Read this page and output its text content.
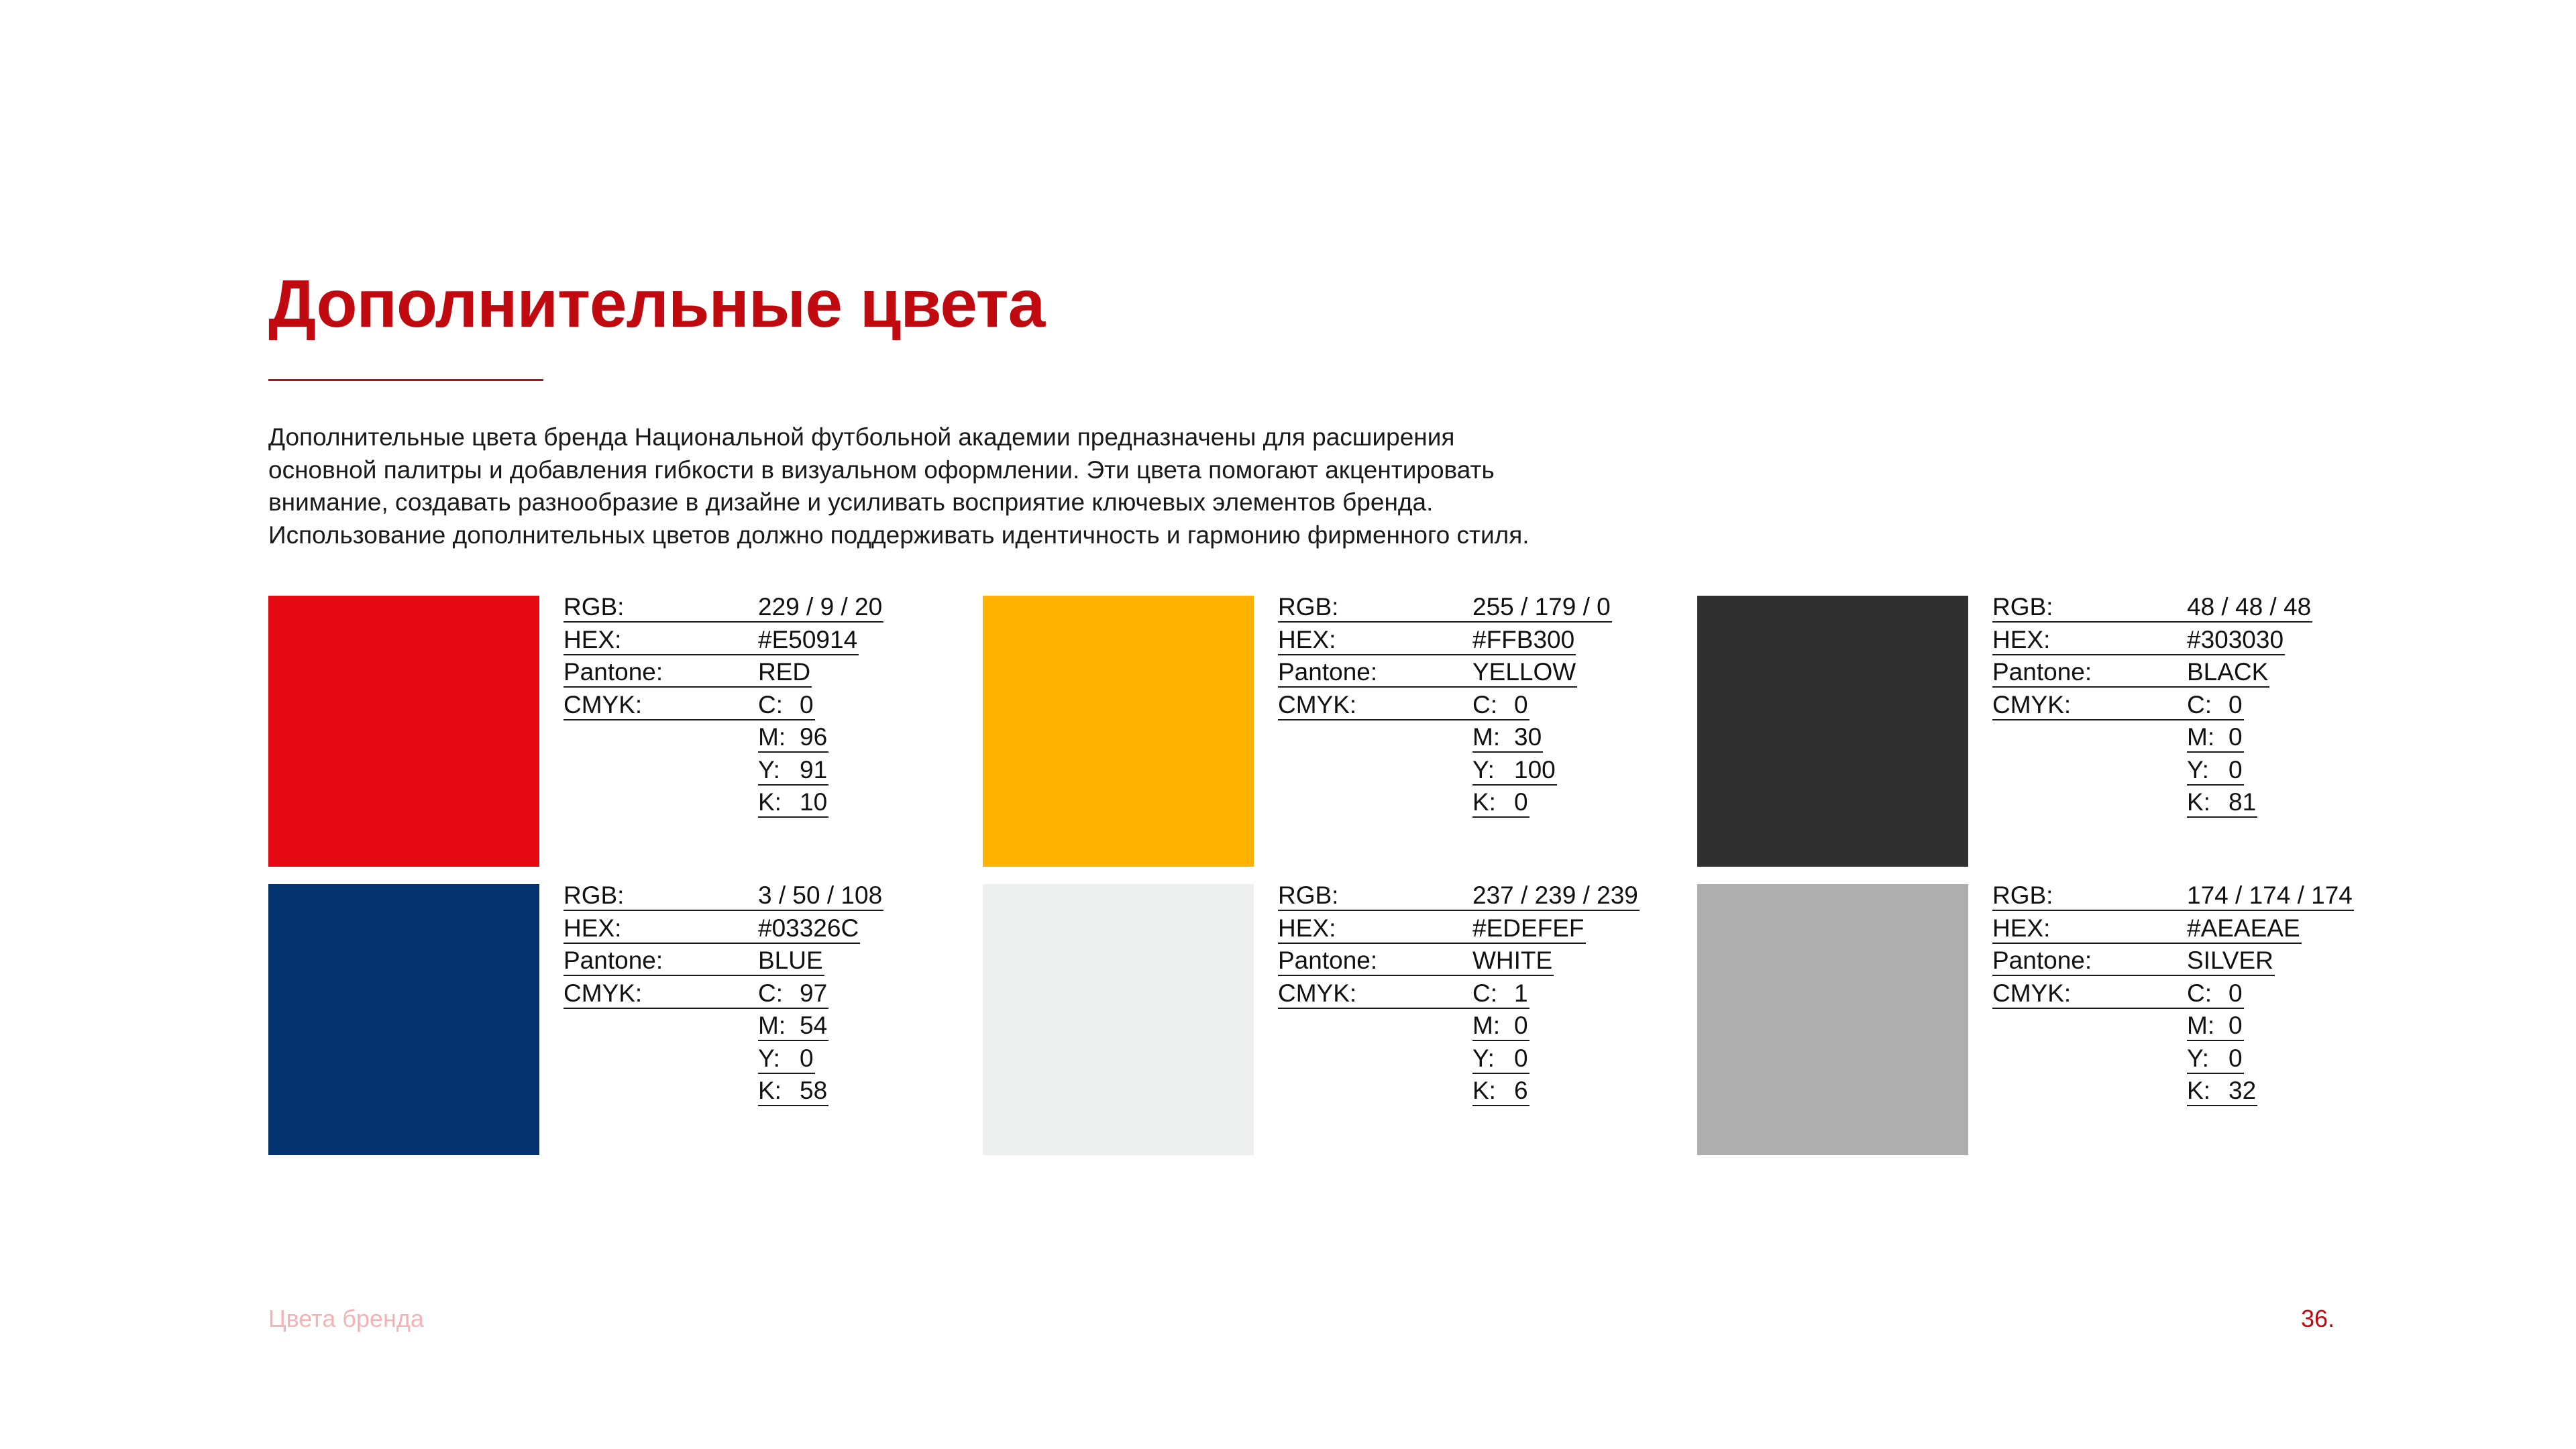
Дополнительные цвета

Дополнительные цвета бренда Национальной футбольной академии предназначены для расширения
основной палитры и добавления гибкости в визуальном оформлении. Эти цвета помогают акцентировать
внимание, создавать разнообразие в дизайне и усиливать восприятие ключевых элементов бренда.
Использование дополнительных цветов должно поддерживать идентичность и гармонию фирменного стиля.

RGB:	229 / 9 / 20
HEX:	#E50914
Pantone:	RED
CMYK:	C: 0
M: 96
Y: 91
K: 10
RGB:	255 / 179 / 0
HEX:	#FFB300
Pantone:	YELLOW
CMYK:	C: 0
M: 30
Y: 100
K: 0
RGB:	48 / 48 / 48
HEX:	#303030
Pantone:	BLACK
CMYK:	C: 0
M: 0
Y: 0
K: 81
RGB:	3 / 50 / 108
HEX:	#03326C
Pantone:	BLUE
CMYK:	C: 97
M: 54
Y: 0
K: 58
RGB:	237 / 239 / 239
HEX:	#EDEFEF
Pantone:	WHITE
CMYK:	C: 1
M: 0
Y: 0
K: 6
RGB:	174 / 174 / 174
HEX:	#AEAEAE
Pantone:	SILVER
CMYK:	C: 0
M: 0
Y: 0
K: 32
Цвета бренда	36.
